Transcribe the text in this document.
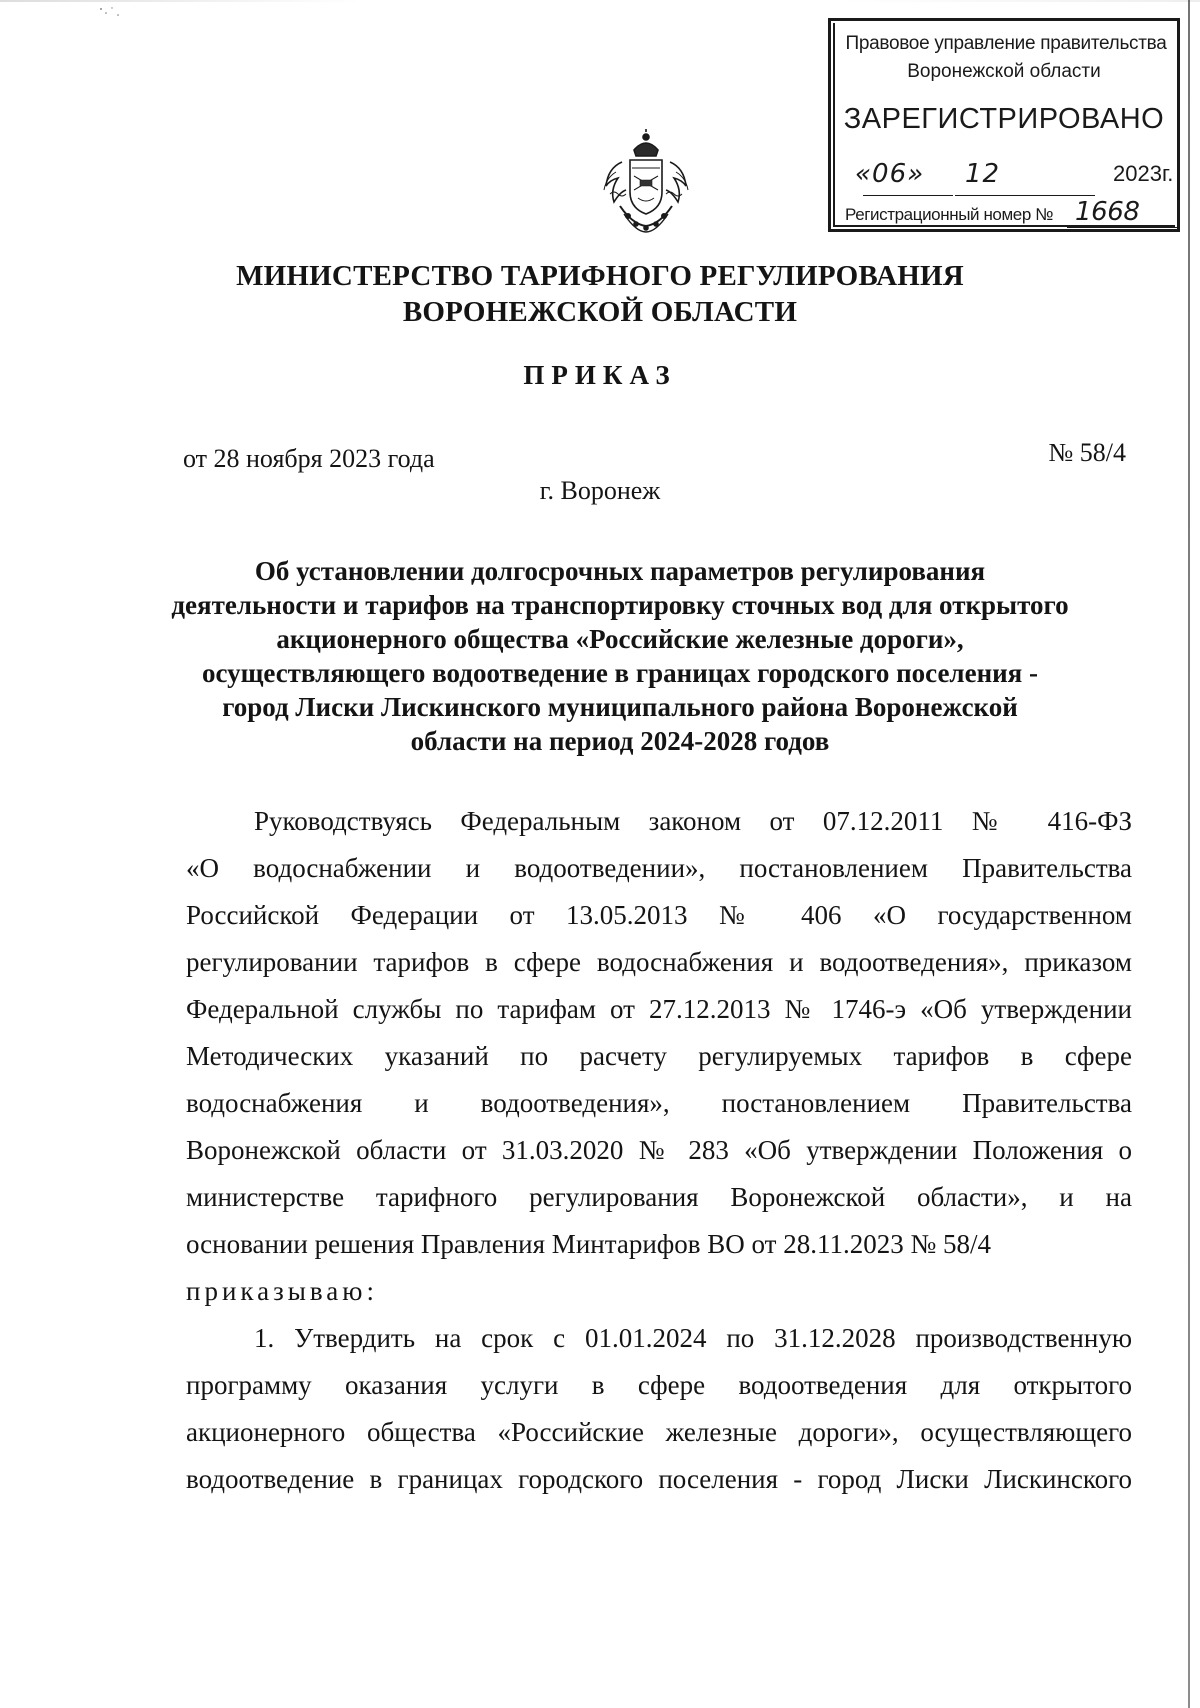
Правовое управление правительства
Воронежской области
ЗАРЕГИСТРИРОВАНО
«06» 12	2023г.
Регистрационный номер № 1668
МИНИСТЕРСТВО ТАРИФНОГО РЕГУЛИРОВАНИЯ
ВОРОНЕЖСКОЙ ОБЛАСТИ
ПРИКАЗ
от 28 ноября 2023 года	№ 58/4
г. Воронеж
Об установлении долгосрочных параметров регулирования
деятельности и тарифов на транспортировку сточных вод для открытого
акционерного общества «Российские железные дороги»,
осуществляющего водоотведение в границах городского поселения -
город Лиски Лискинского муниципального района Воронежской
области на период 2024-2028 годов
Руководствуясь Федеральным законом от 07.12.2011 № 416-ФЗ
«О водоснабжении и водоотведении», постановлением Правительства
Российской Федерации от 13.05.2013 № 406 «О государственном
регулировании тарифов в сфере водоснабжения и водоотведения», приказом
Федеральной службы по тарифам от 27.12.2013 № 1746-э «Об утверждении
Методических указаний по расчету регулируемых тарифов в сфере
водоснабжения и водоотведения», постановлением Правительства
Воронежской области от 31.03.2020 № 283 «Об утверждении Положения о
министерстве тарифного регулирования Воронежской области», и на
основании решения Правления Минтарифов ВО от 28.11.2023 № 58/4
приказываю:
1. Утвердить на срок с 01.01.2024 по 31.12.2028 производственную
программу оказания услуги в сфере водоотведения для открытого
акционерного общества «Российские железные дороги», осуществляющего
водоотведение в границах городского поселения - город Лиски Лискинского
